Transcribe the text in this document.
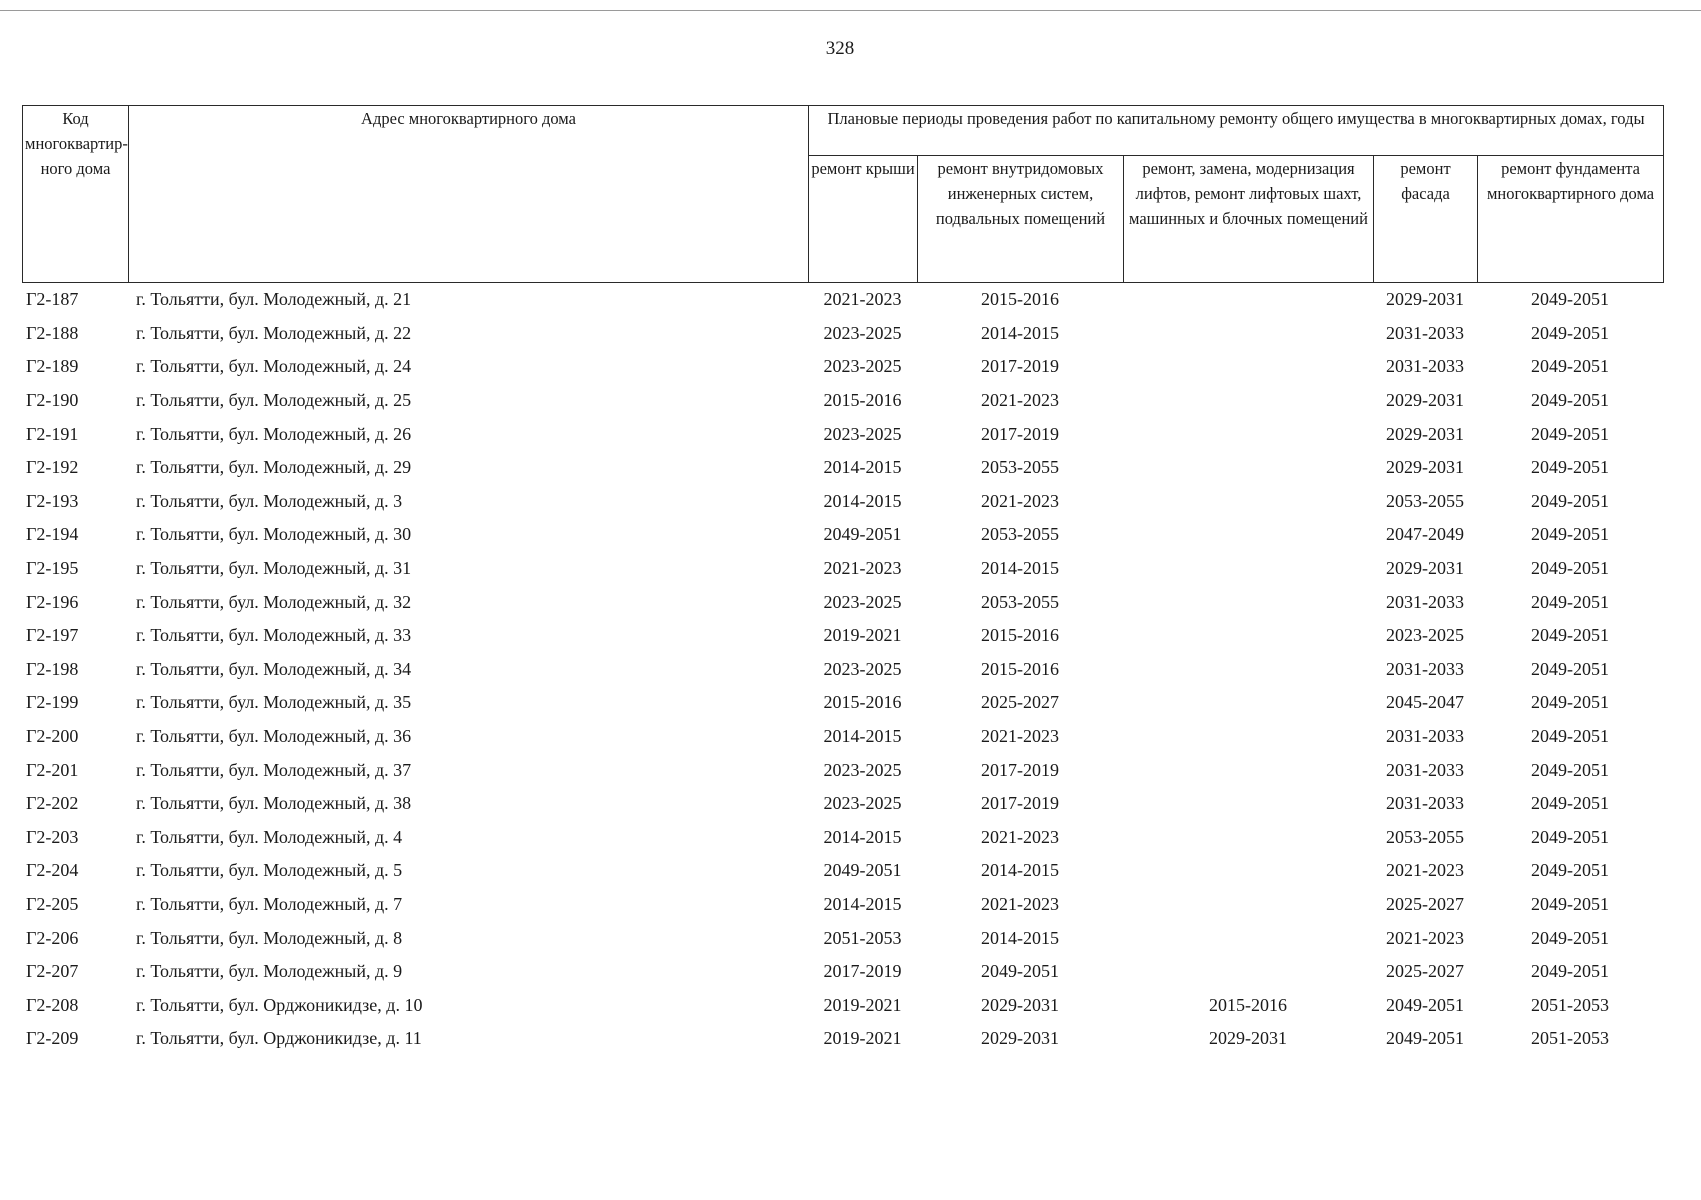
328
Код многоквартир-ного дома	Адрес многоквартирного дома	Плановые периоды проведения работ по капитальному ремонту общего имущества в многоквартирных домах, годы				
		ремонт крыши	ремонт внутридомовых инженерных систем, подвальных помещений	ремонт, замена, модернизация лифтов, ремонт лифтовых шахт, машинных и блочных помещений	ремонт фасада	ремонт фундамента многоквартирного дома
Г2-187	г. Тольятти, бул. Молодежный, д. 21	2021-2023	2015-2016		2029-2031	2049-2051
Г2-188	г. Тольятти, бул. Молодежный, д. 22	2023-2025	2014-2015		2031-2033	2049-2051
Г2-189	г. Тольятти, бул. Молодежный, д. 24	2023-2025	2017-2019		2031-2033	2049-2051
Г2-190	г. Тольятти, бул. Молодежный, д. 25	2015-2016	2021-2023		2029-2031	2049-2051
Г2-191	г. Тольятти, бул. Молодежный, д. 26	2023-2025	2017-2019		2029-2031	2049-2051
Г2-192	г. Тольятти, бул. Молодежный, д. 29	2014-2015	2053-2055		2029-2031	2049-2051
Г2-193	г. Тольятти, бул. Молодежный, д. 3	2014-2015	2021-2023		2053-2055	2049-2051
Г2-194	г. Тольятти, бул. Молодежный, д. 30	2049-2051	2053-2055		2047-2049	2049-2051
Г2-195	г. Тольятти, бул. Молодежный, д. 31	2021-2023	2014-2015		2029-2031	2049-2051
Г2-196	г. Тольятти, бул. Молодежный, д. 32	2023-2025	2053-2055		2031-2033	2049-2051
Г2-197	г. Тольятти, бул. Молодежный, д. 33	2019-2021	2015-2016		2023-2025	2049-2051
Г2-198	г. Тольятти, бул. Молодежный, д. 34	2023-2025	2015-2016		2031-2033	2049-2051
Г2-199	г. Тольятти, бул. Молодежный, д. 35	2015-2016	2025-2027		2045-2047	2049-2051
Г2-200	г. Тольятти, бул. Молодежный, д. 36	2014-2015	2021-2023		2031-2033	2049-2051
Г2-201	г. Тольятти, бул. Молодежный, д. 37	2023-2025	2017-2019		2031-2033	2049-2051
Г2-202	г. Тольятти, бул. Молодежный, д. 38	2023-2025	2017-2019		2031-2033	2049-2051
Г2-203	г. Тольятти, бул. Молодежный, д. 4	2014-2015	2021-2023		2053-2055	2049-2051
Г2-204	г. Тольятти, бул. Молодежный, д. 5	2049-2051	2014-2015		2021-2023	2049-2051
Г2-205	г. Тольятти, бул. Молодежный, д. 7	2014-2015	2021-2023		2025-2027	2049-2051
Г2-206	г. Тольятти, бул. Молодежный, д. 8	2051-2053	2014-2015		2021-2023	2049-2051
Г2-207	г. Тольятти, бул. Молодежный, д. 9	2017-2019	2049-2051		2025-2027	2049-2051
Г2-208	г. Тольятти, бул. Орджоникидзе, д. 10	2019-2021	2029-2031	2015-2016	2049-2051	2051-2053
Г2-209	г. Тольятти, бул. Орджоникидзе, д. 11	2019-2021	2029-2031	2029-2031	2049-2051	2051-2053
